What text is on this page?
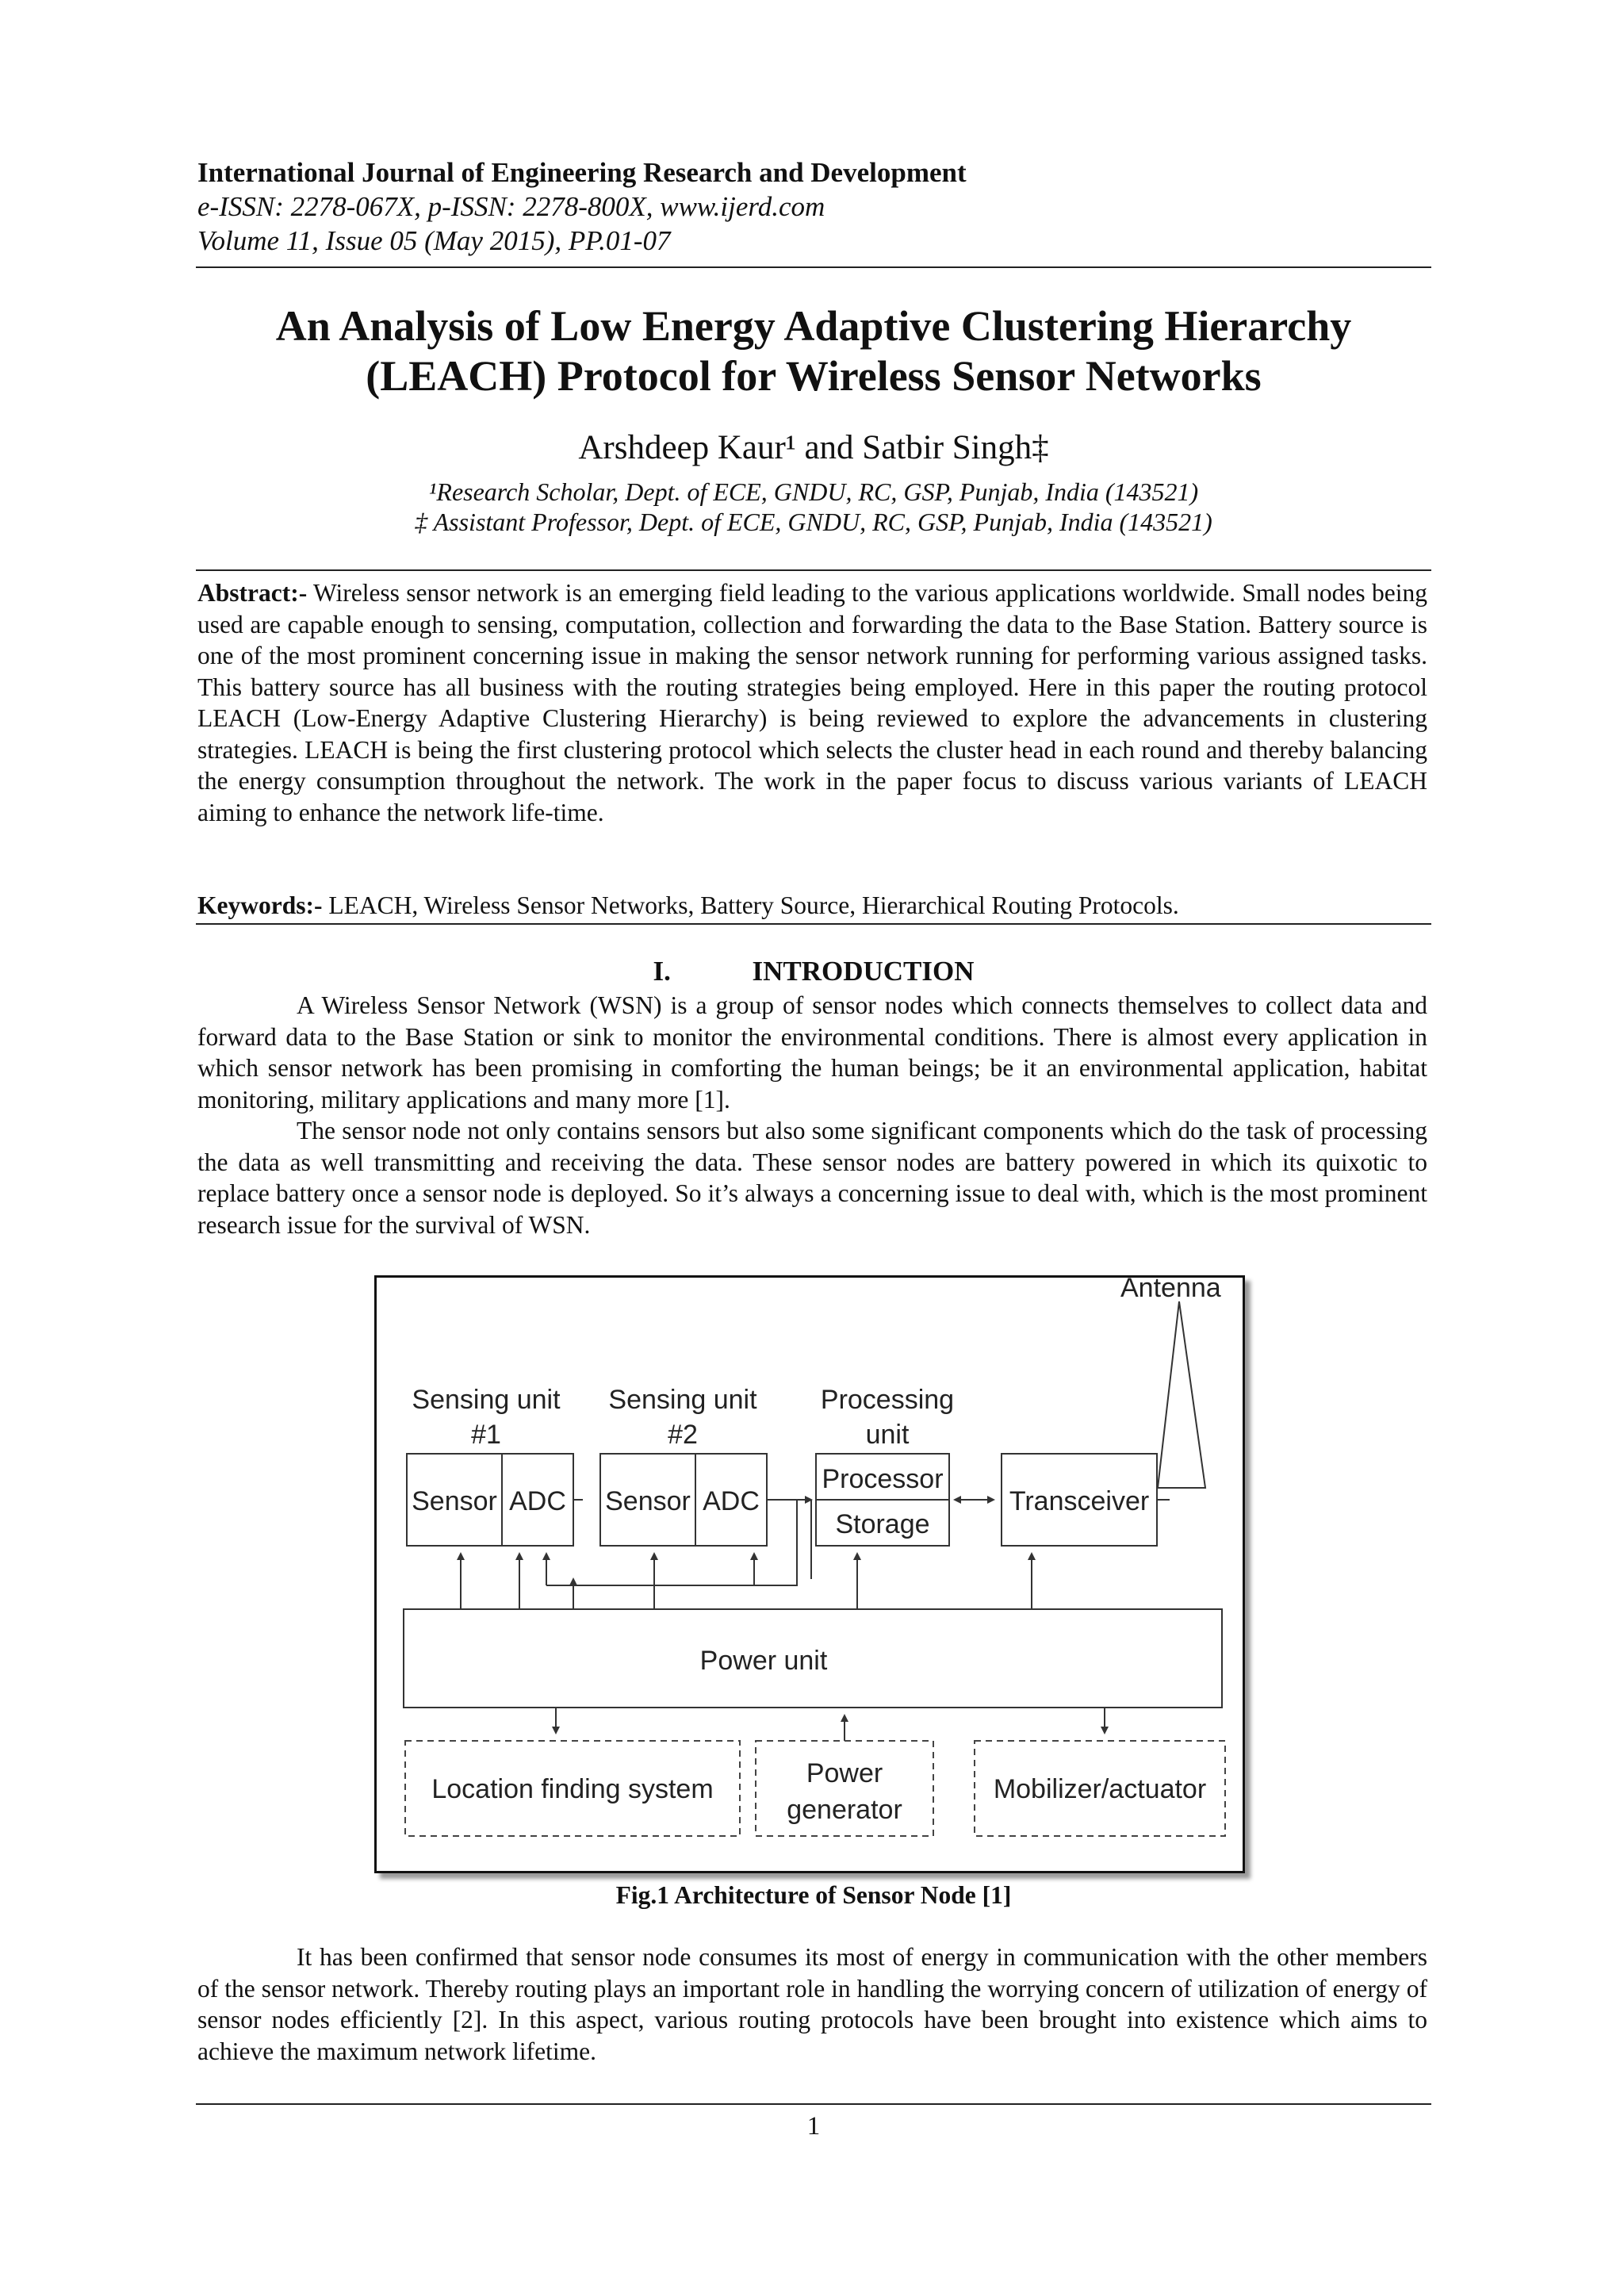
International Journal of Engineering Research and Development
e-ISSN: 2278-067X, p-ISSN: 2278-800X, www.ijerd.com
Volume 11, Issue 05 (May 2015), PP.01-07
An Analysis of Low Energy Adaptive Clustering Hierarchy
(LEACH) Protocol for Wireless Sensor Networks
Arshdeep Kaur¹ and Satbir Singh‡
¹Research Scholar, Dept. of ECE, GNDU, RC, GSP, Punjab, India (143521)
‡ Assistant Professor, Dept. of ECE, GNDU, RC, GSP, Punjab, India (143521)
Abstract:- Wireless sensor network is an emerging field leading to the various applications worldwide. Small nodes being used are capable enough to sensing, computation, collection and forwarding the data to the Base Station. Battery source is one of the most prominent concerning issue in making the sensor network running for performing various assigned tasks. This battery source has all business with the routing strategies being employed. Here in this paper the routing protocol LEACH (Low-Energy Adaptive Clustering Hierarchy) is being reviewed to explore the advancements in clustering strategies. LEACH is being the first clustering protocol which selects the cluster head in each round and thereby balancing the energy consumption throughout the network. The work in the paper focus to discuss various variants of LEACH aiming to enhance the network life-time.
Keywords:- LEACH, Wireless Sensor Networks, Battery Source, Hierarchical Routing Protocols.
I.	INTRODUCTION
A Wireless Sensor Network (WSN) is a group of sensor nodes which connects themselves to collect data and forward data to the Base Station or sink to monitor the environmental conditions. There is almost every application in which sensor network has been promising in comforting the human beings; be it an environmental application, habitat monitoring, military applications and many more [1].
The sensor node not only contains sensors but also some significant components which do the task of processing the data as well transmitting and receiving the data. These sensor nodes are battery powered in which its quixotic to replace battery once a sensor node is deployed. So it’s always a concerning issue to deal with, which is the most prominent research issue for the survival of WSN.
Antenna
Sensing unit
#1
Sensing unit
#2
Processing
unit
Sensor ADC Sensor ADC
Processor
Storage
Transceiver
Power unit
Location finding system
Power
generator
Mobilizer/actuator
Fig.1 Architecture of Sensor Node [1]
It has been confirmed that sensor node consumes its most of energy in communication with the other members of the sensor network. Thereby routing plays an important role in handling the worrying concern of utilization of energy of sensor nodes efficiently [2]. In this aspect, various routing protocols have been brought into existence which aims to achieve the maximum network lifetime.
1
